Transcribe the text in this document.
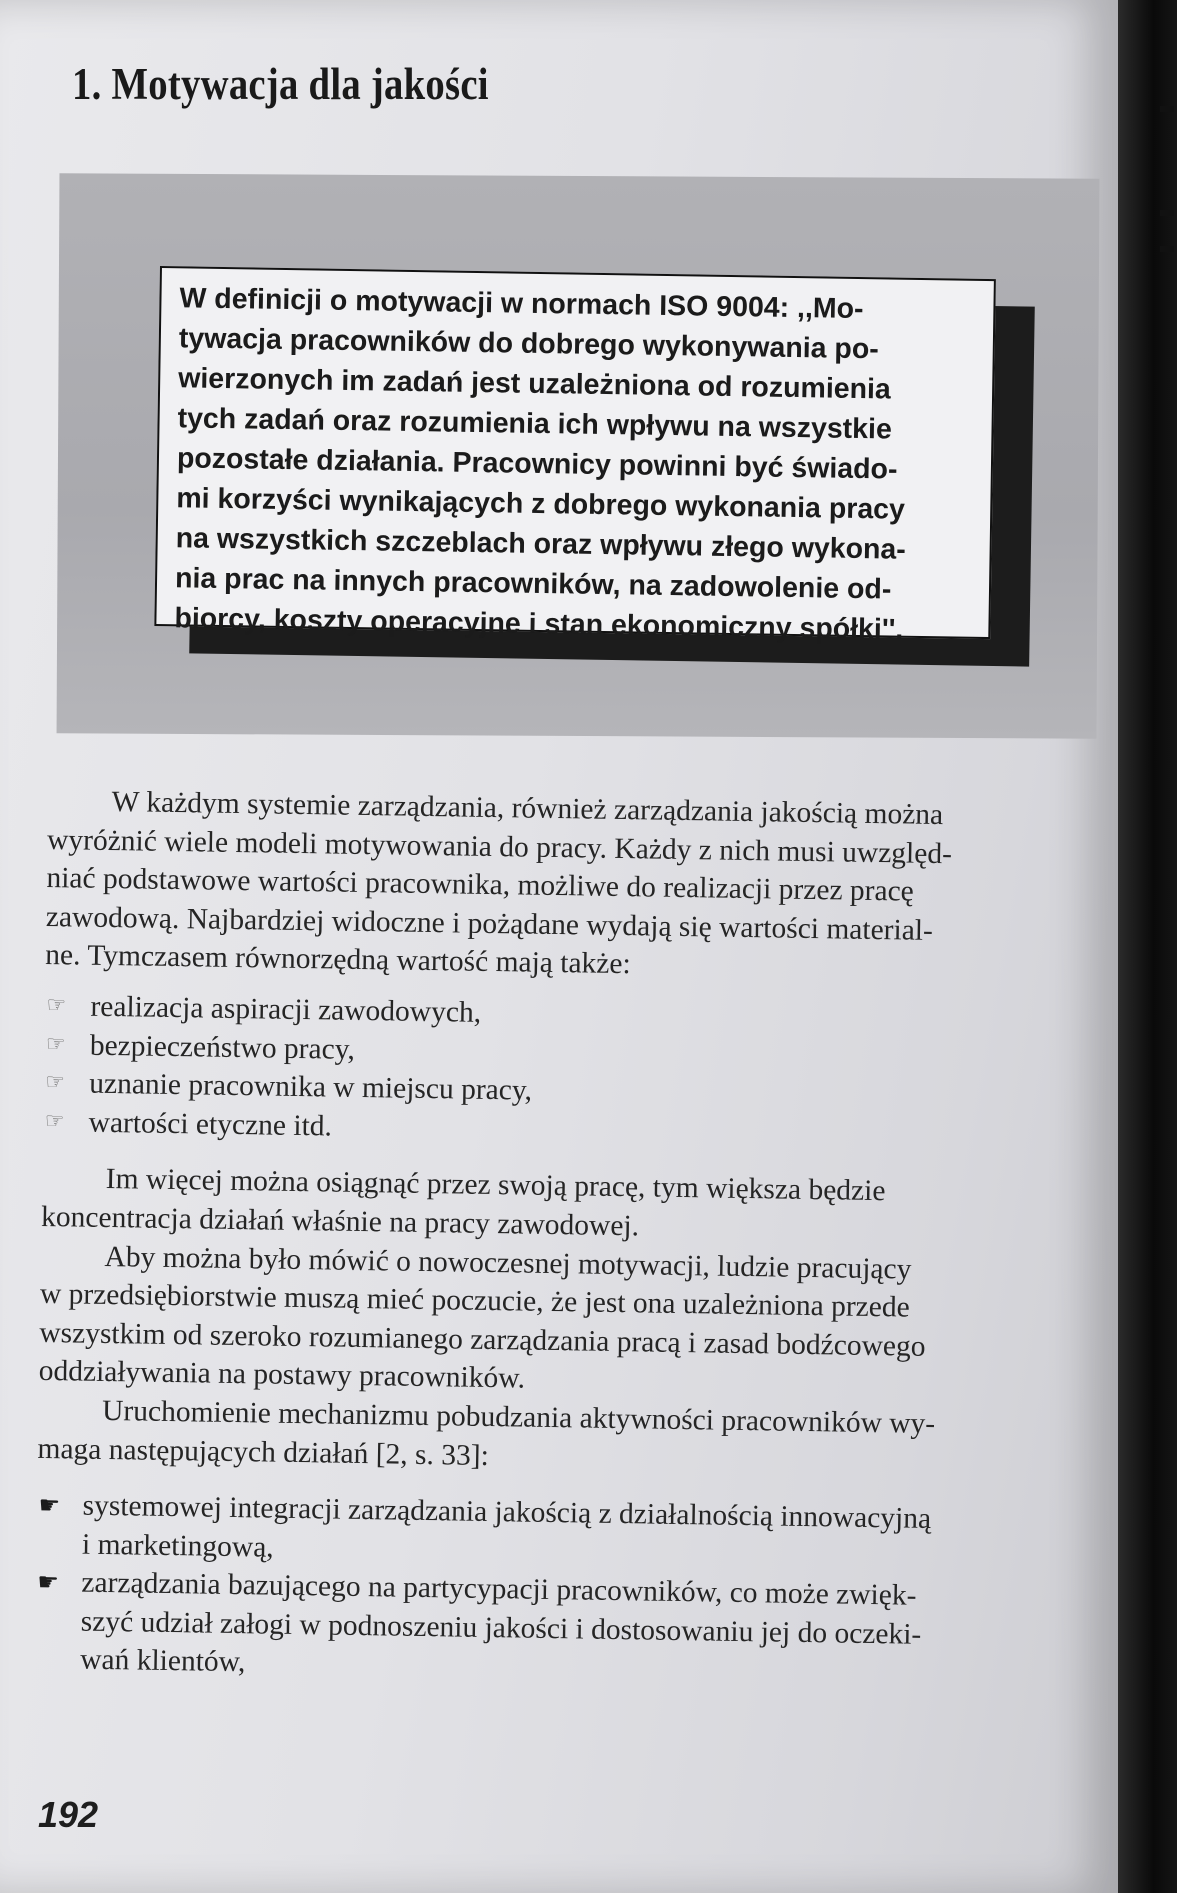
1. Motywacja dla jakości
W definicji o motywacji w normach ISO 9004: ,,Mo-
tywacja pracowników do dobrego wykonywania po-
wierzonych im zadań jest uzależniona od rozumienia
tych zadań oraz rozumienia ich wpływu na wszystkie
pozostałe działania. Pracownicy powinni być świado-
mi korzyści wynikających z dobrego wykonania pracy
na wszystkich szczeblach oraz wpływu złego wykona-
nia prac na innych pracowników, na zadowolenie od-
biorcy, koszty operacyjne i stan ekonomiczny spółki''.
W każdym systemie zarządzania, również zarządzania jakością można
wyróżnić wiele modeli motywowania do pracy. Każdy z nich musi uwzględ-
niać podstawowe wartości pracownika, możliwe do realizacji przez pracę
zawodową. Najbardziej widoczne i pożądane wydają się wartości material-
ne. Tymczasem równorzędną wartość mają także:
☞ realizacja aspiracji zawodowych,
☞ bezpieczeństwo pracy,
☞ uznanie pracownika w miejscu pracy,
☞ wartości etyczne itd.
Im więcej można osiągnąć przez swoją pracę, tym większa będzie
koncentracja działań właśnie na pracy zawodowej.
Aby można było mówić o nowoczesnej motywacji, ludzie pracujący
w przedsiębiorstwie muszą mieć poczucie, że jest ona uzależniona przede
wszystkim od szeroko rozumianego zarządzania pracą i zasad bodźcowego
oddziaływania na postawy pracowników.
Uruchomienie mechanizmu pobudzania aktywności pracowników wy-
maga następujących działań [2, s. 33]:
☛ systemowej integracji zarządzania jakością z działalnością innowacyjną
i marketingową,
☛ zarządzania bazującego na partycypacji pracowników, co może zwięk-
szyć udział załogi w podnoszeniu jakości i dostosowaniu jej do oczeki-
wań klientów,
192
